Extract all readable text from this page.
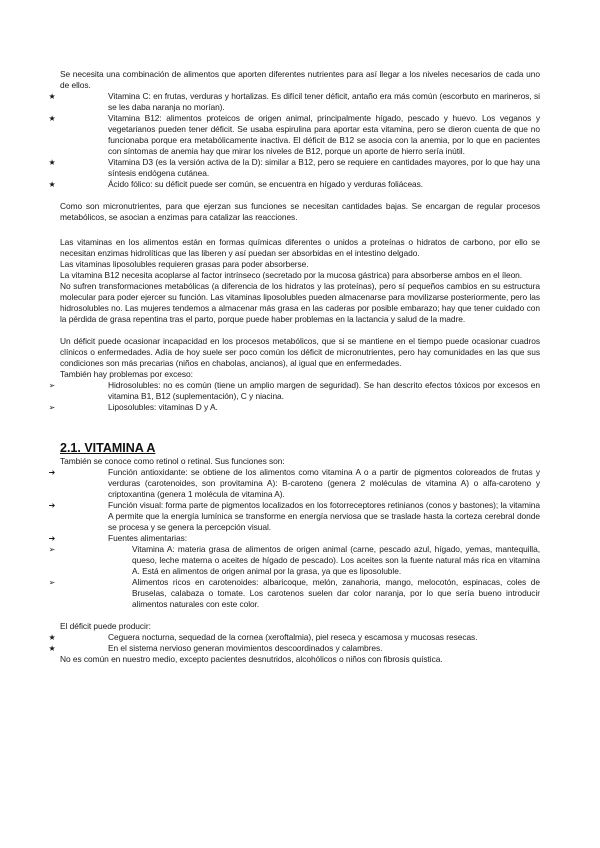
Se necesita una combinación de alimentos que aporten diferentes nutrientes para así llegar a los niveles necesarios de cada uno de ellos.

★	Vitamina C: en frutas, verduras y hortalizas. Es difícil tener déficit, antaño era más común (escorbuto en marineros, si se les daba naranja no morían).
★	Vitamina B12: alimentos proteicos de origen animal, principalmente hígado, pescado y huevo. Los veganos y vegetarianos pueden tener déficit. Se usaba espirulina para aportar esta vitamina, pero se dieron cuenta de que no funcionaba porque era metabólicamente inactiva. El déficit de B12 se asocia con la anemia, por lo que en pacientes con síntomas de anemia hay que mirar los niveles de B12, porque un aporte de hierro sería inútil.
★	Vitamina D3 (es la versión activa de la D): similar a B12, pero se requiere en cantidades mayores, por lo que hay una síntesis endógena cutánea.
★	Ácido fólico: su déficit puede ser común, se encuentra en hígado y verduras foliáceas.

Como son micronutrientes, para que ejerzan sus funciones se necesitan cantidades bajas. Se encargan de regular procesos metabólicos, se asocian a enzimas para catalizar las reacciones.

Las vitaminas en los alimentos están en formas químicas diferentes o unidos a proteínas o hidratos de carbono, por ello se necesitan enzimas hidrolíticas que las liberen y así puedan ser absorbidas en el intestino delgado.

Las vitaminas liposolubles requieren grasas para poder absorberse.

La vitamina B12 necesita acoplarse al factor intrínseco (secretado por la mucosa gástrica) para absorberse ambos en el íleon.

No sufren transformaciones metabólicas (a diferencia de los hidratos y las proteínas), pero sí pequeños cambios en su estructura molecular para poder ejercer su función. Las vitaminas liposolubles pueden almacenarse para movilizarse posteriormente, pero las hidrosolubles no. Las mujeres tendemos a almacenar más grasa en las caderas por posible embarazo; hay que tener cuidado con la pérdida de grasa repentina tras el parto, porque puede haber problemas en la lactancia y salud de la madre.

Un déficit puede ocasionar incapacidad en los procesos metabólicos, que si se mantiene en el tiempo puede ocasionar cuadros clínicos o enfermedades. Adía de hoy suele ser poco común los déficit de micronutrientes, pero hay comunidades en las que sus condiciones son más precarias (niños en chabolas, ancianos), al igual que en enfermedades.

También hay problemas por exceso:

➢	Hidrosolubles: no es común (tiene un amplio margen de seguridad). Se han descrito efectos tóxicos por excesos en vitamina B1, B12 (suplementación), C y niacina.
➢	Liposolubles: vitaminas D y A.
2.1. VITAMINA A

También se conoce como retinol o retinal. Sus funciones son:

➔	Función antioxidante: se obtiene de los alimentos como vitamina A o a partir de pigmentos coloreados de frutas y verduras (carotenoides, son provitamina A): B-caroteno (genera 2 moléculas de vitamina A) o alfa-caroteno y criptoxantina (genera 1 molécula de vitamina A).
➔	Función visual: forma parte de pigmentos localizados en los fotorreceptores retinianos (conos y bastones); la vitamina A permite que la energía lumínica se transforme en energía nerviosa que se traslade hasta la corteza cerebral donde se procesa y se genera la percepción visual.
➔	Fuentes alimentarias:
➢	Vitamina A: materia grasa de alimentos de origen animal (carne, pescado azul, hígado, yemas, mantequilla, queso, leche materna o aceites de hígado de pescado). Los aceites son la fuente natural más rica en vitamina A. Está en alimentos de origen animal por la grasa, ya que es liposoluble.
➢	Alimentos ricos en carotenoides: albaricoque, melón, zanahoria, mango, melocotón, espinacas, coles de Bruselas, calabaza o tomate. Los carotenos suelen dar color naranja, por lo que sería bueno introducir alimentos naturales con este color.

El déficit puede producir:

★	Ceguera nocturna, sequedad de la cornea (xeroftalmia), piel reseca y escamosa y mucosas resecas.
★	En el sistema nervioso generan movimientos descoordinados y calambres.

No es común en nuestro medio, excepto pacientes desnutridos, alcohólicos o niños con fibrosis quística.
